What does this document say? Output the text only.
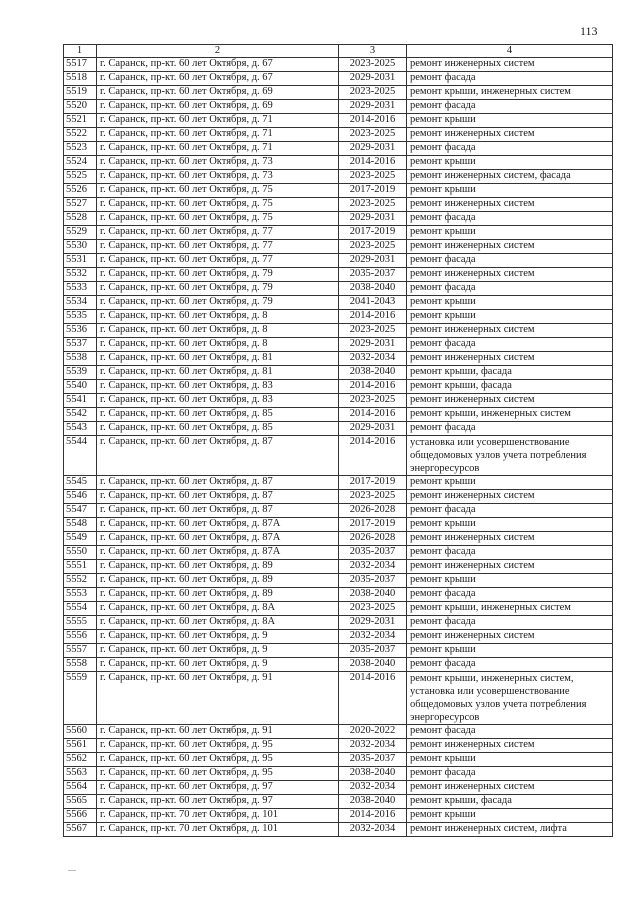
113
1	2	3	4
5517	г. Саранск, пр-кт. 60 лет Октября, д. 67	2023-2025	ремонт инженерных систем
5518	г. Саранск, пр-кт. 60 лет Октября, д. 67	2029-2031	ремонт фасада
5519	г. Саранск, пр-кт. 60 лет Октября, д. 69	2023-2025	ремонт крыши, инженерных систем
5520	г. Саранск, пр-кт. 60 лет Октября, д. 69	2029-2031	ремонт фасада
5521	г. Саранск, пр-кт. 60 лет Октября, д. 71	2014-2016	ремонт крыши
5522	г. Саранск, пр-кт. 60 лет Октября, д. 71	2023-2025	ремонт инженерных систем
5523	г. Саранск, пр-кт. 60 лет Октября, д. 71	2029-2031	ремонт фасада
5524	г. Саранск, пр-кт. 60 лет Октября, д. 73	2014-2016	ремонт крыши
5525	г. Саранск, пр-кт. 60 лет Октября, д. 73	2023-2025	ремонт инженерных систем, фасада
5526	г. Саранск, пр-кт. 60 лет Октября, д. 75	2017-2019	ремонт крыши
5527	г. Саранск, пр-кт. 60 лет Октября, д. 75	2023-2025	ремонт инженерных систем
5528	г. Саранск, пр-кт. 60 лет Октября, д. 75	2029-2031	ремонт фасада
5529	г. Саранск, пр-кт. 60 лет Октября, д. 77	2017-2019	ремонт крыши
5530	г. Саранск, пр-кт. 60 лет Октября, д. 77	2023-2025	ремонт инженерных систем
5531	г. Саранск, пр-кт. 60 лет Октября, д. 77	2029-2031	ремонт фасада
5532	г. Саранск, пр-кт. 60 лет Октября, д. 79	2035-2037	ремонт инженерных систем
5533	г. Саранск, пр-кт. 60 лет Октября, д. 79	2038-2040	ремонт фасада
5534	г. Саранск, пр-кт. 60 лет Октября, д. 79	2041-2043	ремонт крыши
5535	г. Саранск, пр-кт. 60 лет Октября, д. 8	2014-2016	ремонт крыши
5536	г. Саранск, пр-кт. 60 лет Октября, д. 8	2023-2025	ремонт инженерных систем
5537	г. Саранск, пр-кт. 60 лет Октября, д. 8	2029-2031	ремонт фасада
5538	г. Саранск, пр-кт. 60 лет Октября, д. 81	2032-2034	ремонт инженерных систем
5539	г. Саранск, пр-кт. 60 лет Октября, д. 81	2038-2040	ремонт крыши, фасада
5540	г. Саранск, пр-кт. 60 лет Октября, д. 83	2014-2016	ремонт крыши, фасада
5541	г. Саранск, пр-кт. 60 лет Октября, д. 83	2023-2025	ремонт инженерных систем
5542	г. Саранск, пр-кт. 60 лет Октября, д. 85	2014-2016	ремонт крыши, инженерных систем
5543	г. Саранск, пр-кт. 60 лет Октября, д. 85	2029-2031	ремонт фасада
5544	г. Саранск, пр-кт. 60 лет Октября, д. 87	2014-2016	установка или усовершенствование общедомовых узлов учета потребления энергоресурсов
5545	г. Саранск, пр-кт. 60 лет Октября, д. 87	2017-2019	ремонт крыши
5546	г. Саранск, пр-кт. 60 лет Октября, д. 87	2023-2025	ремонт инженерных систем
5547	г. Саранск, пр-кт. 60 лет Октября, д. 87	2026-2028	ремонт фасада
5548	г. Саранск, пр-кт. 60 лет Октября, д. 87А	2017-2019	ремонт крыши
5549	г. Саранск, пр-кт. 60 лет Октября, д. 87А	2026-2028	ремонт инженерных систем
5550	г. Саранск, пр-кт. 60 лет Октября, д. 87А	2035-2037	ремонт фасада
5551	г. Саранск, пр-кт. 60 лет Октября, д. 89	2032-2034	ремонт инженерных систем
5552	г. Саранск, пр-кт. 60 лет Октября, д. 89	2035-2037	ремонт крыши
5553	г. Саранск, пр-кт. 60 лет Октября, д. 89	2038-2040	ремонт фасада
5554	г. Саранск, пр-кт. 60 лет Октября, д. 8А	2023-2025	ремонт крыши, инженерных систем
5555	г. Саранск, пр-кт. 60 лет Октября, д. 8А	2029-2031	ремонт фасада
5556	г. Саранск, пр-кт. 60 лет Октября, д. 9	2032-2034	ремонт инженерных систем
5557	г. Саранск, пр-кт. 60 лет Октября, д. 9	2035-2037	ремонт крыши
5558	г. Саранск, пр-кт. 60 лет Октября, д. 9	2038-2040	ремонт фасада
5559	г. Саранск, пр-кт. 60 лет Октября, д. 91	2014-2016	ремонт крыши, инженерных систем, установка или усовершенствование общедомовых узлов учета потребления энергоресурсов
5560	г. Саранск, пр-кт. 60 лет Октября, д. 91	2020-2022	ремонт фасада
5561	г. Саранск, пр-кт. 60 лет Октября, д. 95	2032-2034	ремонт инженерных систем
5562	г. Саранск, пр-кт. 60 лет Октября, д. 95	2035-2037	ремонт крыши
5563	г. Саранск, пр-кт. 60 лет Октября, д. 95	2038-2040	ремонт фасада
5564	г. Саранск, пр-кт. 60 лет Октября, д. 97	2032-2034	ремонт инженерных систем
5565	г. Саранск, пр-кт. 60 лет Октября, д. 97	2038-2040	ремонт крыши, фасада
5566	г. Саранск, пр-кт. 70 лет Октября, д. 101	2014-2016	ремонт крыши
5567	г. Саранск, пр-кт. 70 лет Октября, д. 101	2032-2034	ремонт инженерных систем, лифта
